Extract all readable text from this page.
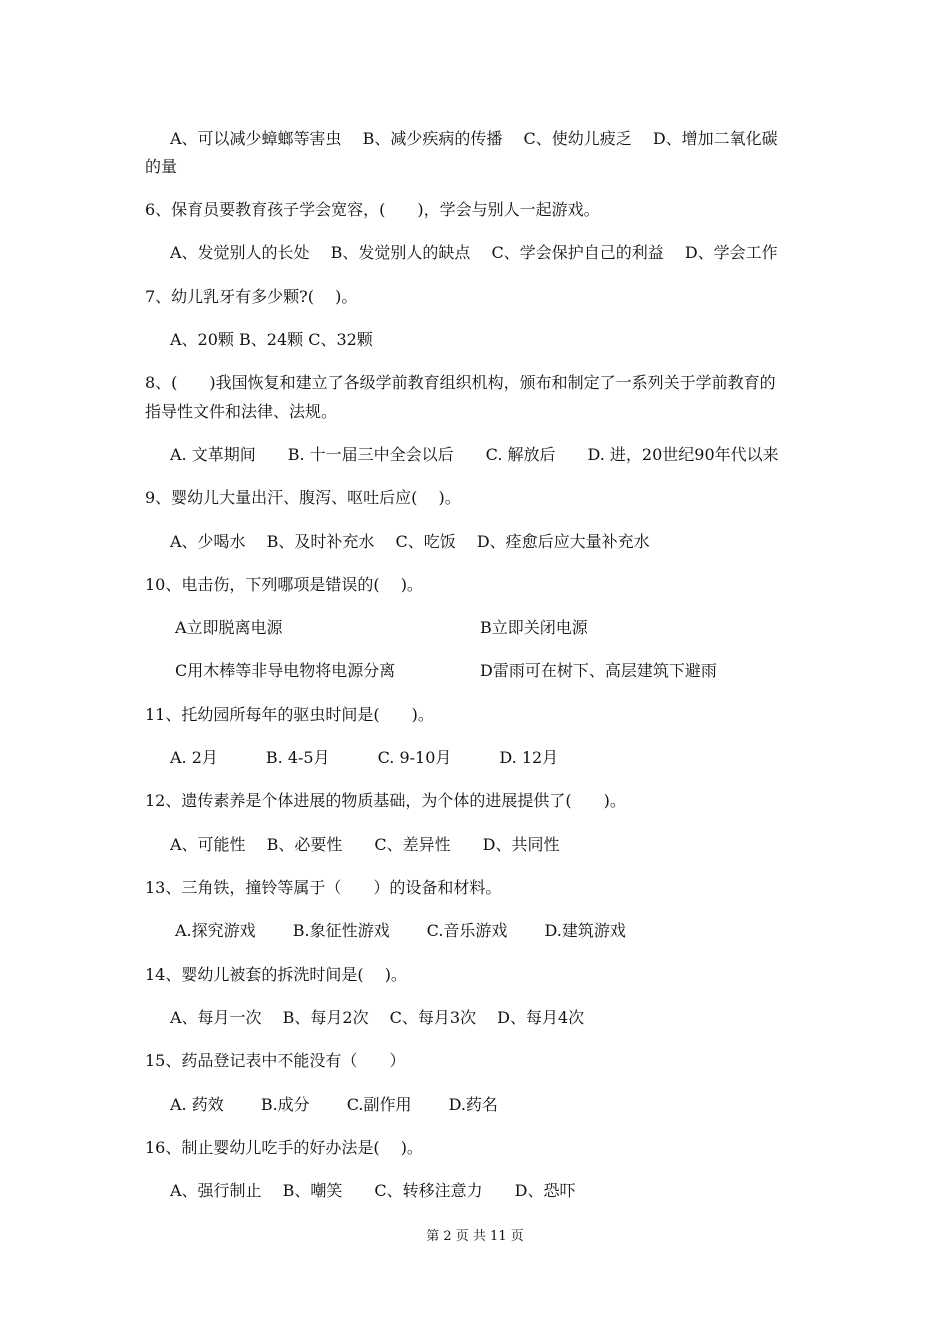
A、可以减少蟑螂等害虫　 B、减少疾病的传播　 C、使幼儿疲乏　 D、增加二氧化碳
的量
6、保育员要教育孩子学会宽容，(　　)，学会与别人一起游戏。
A、发觉别人的长处　 B、发觉别人的缺点　 C、学会保护自己的利益　 D、学会工作
7、幼儿乳牙有多少颗?(　 )。
A、20颗 B、24颗 C、32颗
8、(　　)我国恢复和建立了各级学前教育组织机构，颁布和制定了一系列关于学前教育的
指导性文件和法律、法规。
A. 文革期间　　B. 十一届三中全会以后　　C. 解放后　　D. 进，20世纪90年代以来
9、婴幼儿大量出汗、腹泻、呕吐后应(　 )。
A、少喝水　 B、及时补充水　 C、吃饭　 D、痊愈后应大量补充水
10、电击伤，下列哪项是错误的(　 )。
A立即脱离电源	B立即关闭电源
C用木棒等非导电物将电源分离	D雷雨可在树下、高层建筑下避雨
11、托幼园所每年的驱虫时间是(　　)。
A. 2月　　　B. 4-5月　　　C. 9-10月　　　D. 12月
12、遗传素养是个体进展的物质基础，为个体的进展提供了(　　)。
A、可能性　 B、必要性　　C、差异性　　D、共同性
13、三角铁，撞铃等属于（　　）的设备和材料。
A.探究游戏　　 B.象征性游戏　　 C.音乐游戏　　 D.建筑游戏
14、婴幼儿被套的拆洗时间是(　 )。
A、每月一次　 B、每月2次　 C、每月3次　 D、每月4次
15、药品登记表中不能没有（　　）
A. 药效　　 B.成分　　 C.副作用　　 D.药名
16、制止婴幼儿吃手的好办法是(　 )。
A、强行制止　 B、嘲笑　　C、转移注意力　　D、恐吓
第 2 页 共 11 页
